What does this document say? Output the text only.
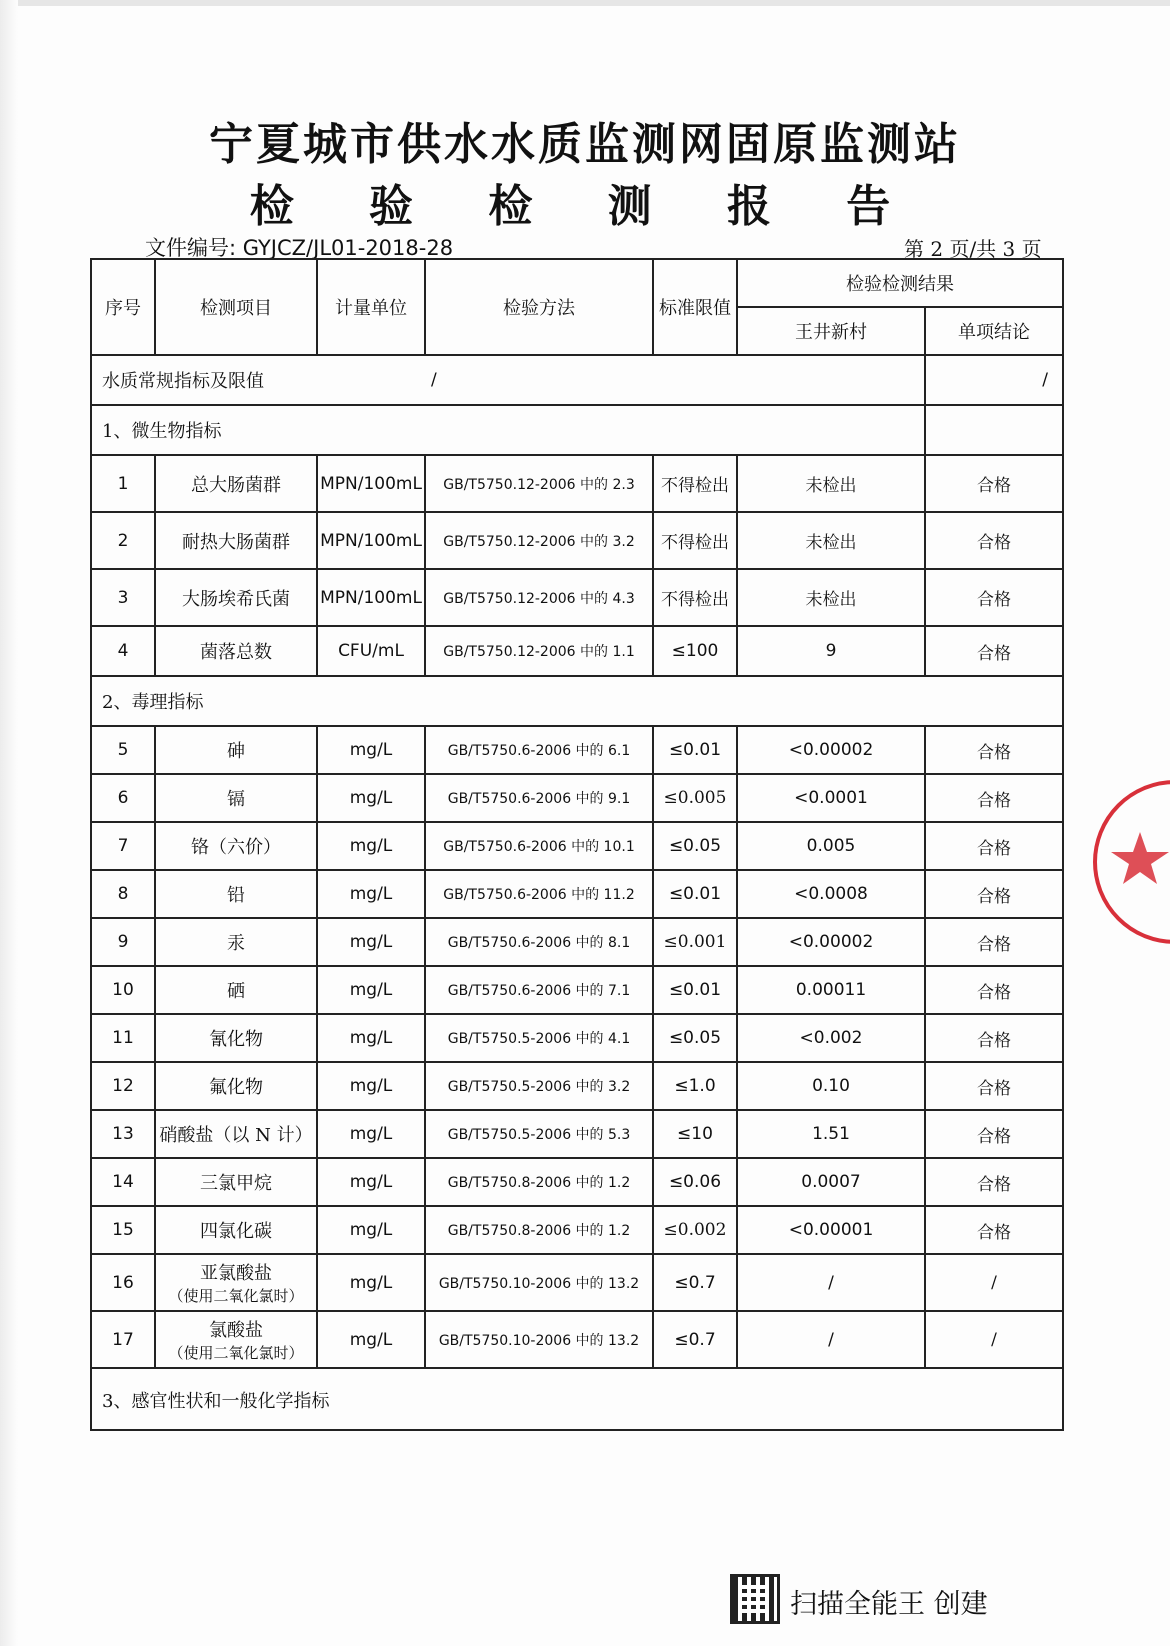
宁夏城市供水水质监测网固原监测站
检 验 检 测 报 告
文件编号: GYJCZ/JL01-2018-28	第 2 页/共 3 页
序号	检测项目	计量单位	检验方法	标准限值	检验检测结果	
					王井新村	单项结论
水质常规指标及限值			/			/
1、微生物指标						
1	总大肠菌群	MPN/100mL	GB/T5750.12-2006 中的 2.3	不得检出	未检出	合格
2	耐热大肠菌群	MPN/100mL	GB/T5750.12-2006 中的 3.2	不得检出	未检出	合格
3	大肠埃希氏菌	MPN/100mL	GB/T5750.12-2006 中的 4.3	不得检出	未检出	合格
4	菌落总数	CFU/mL	GB/T5750.12-2006 中的 1.1	≤100	9	合格
2、毒理指标						
5	砷	mg/L	GB/T5750.6-2006 中的 6.1	≤0.01	<0.00002	合格
6	镉	mg/L	GB/T5750.6-2006 中的 9.1	≤0.005	<0.0001	合格
7	铬（六价）	mg/L	GB/T5750.6-2006 中的 10.1	≤0.05	0.005	合格
8	铅	mg/L	GB/T5750.6-2006 中的 11.2	≤0.01	<0.0008	合格
9	汞	mg/L	GB/T5750.6-2006 中的 8.1	≤0.001	<0.00002	合格
10	硒	mg/L	GB/T5750.6-2006 中的 7.1	≤0.01	0.00011	合格
11	氰化物	mg/L	GB/T5750.5-2006 中的 4.1	≤0.05	<0.002	合格
12	氟化物	mg/L	GB/T5750.5-2006 中的 3.2	≤1.0	0.10	合格
13	硝酸盐（以 N 计）	mg/L	GB/T5750.5-2006 中的 5.3	≤10	1.51	合格
14	三氯甲烷	mg/L	GB/T5750.8-2006 中的 1.2	≤0.06	0.0007	合格
15	四氯化碳	mg/L	GB/T5750.8-2006 中的 1.2	≤0.002	<0.00001	合格
16	亚氯酸盐
（使用二氧化氯时）	mg/L	GB/T5750.10-2006 中的 13.2	≤0.7	/	/
17	氯酸盐
（使用二氧化氯时）	mg/L	GB/T5750.10-2006 中的 13.2	≤0.7	/	/
3、感官性状和一般化学指标						
扫描全能王 创建
